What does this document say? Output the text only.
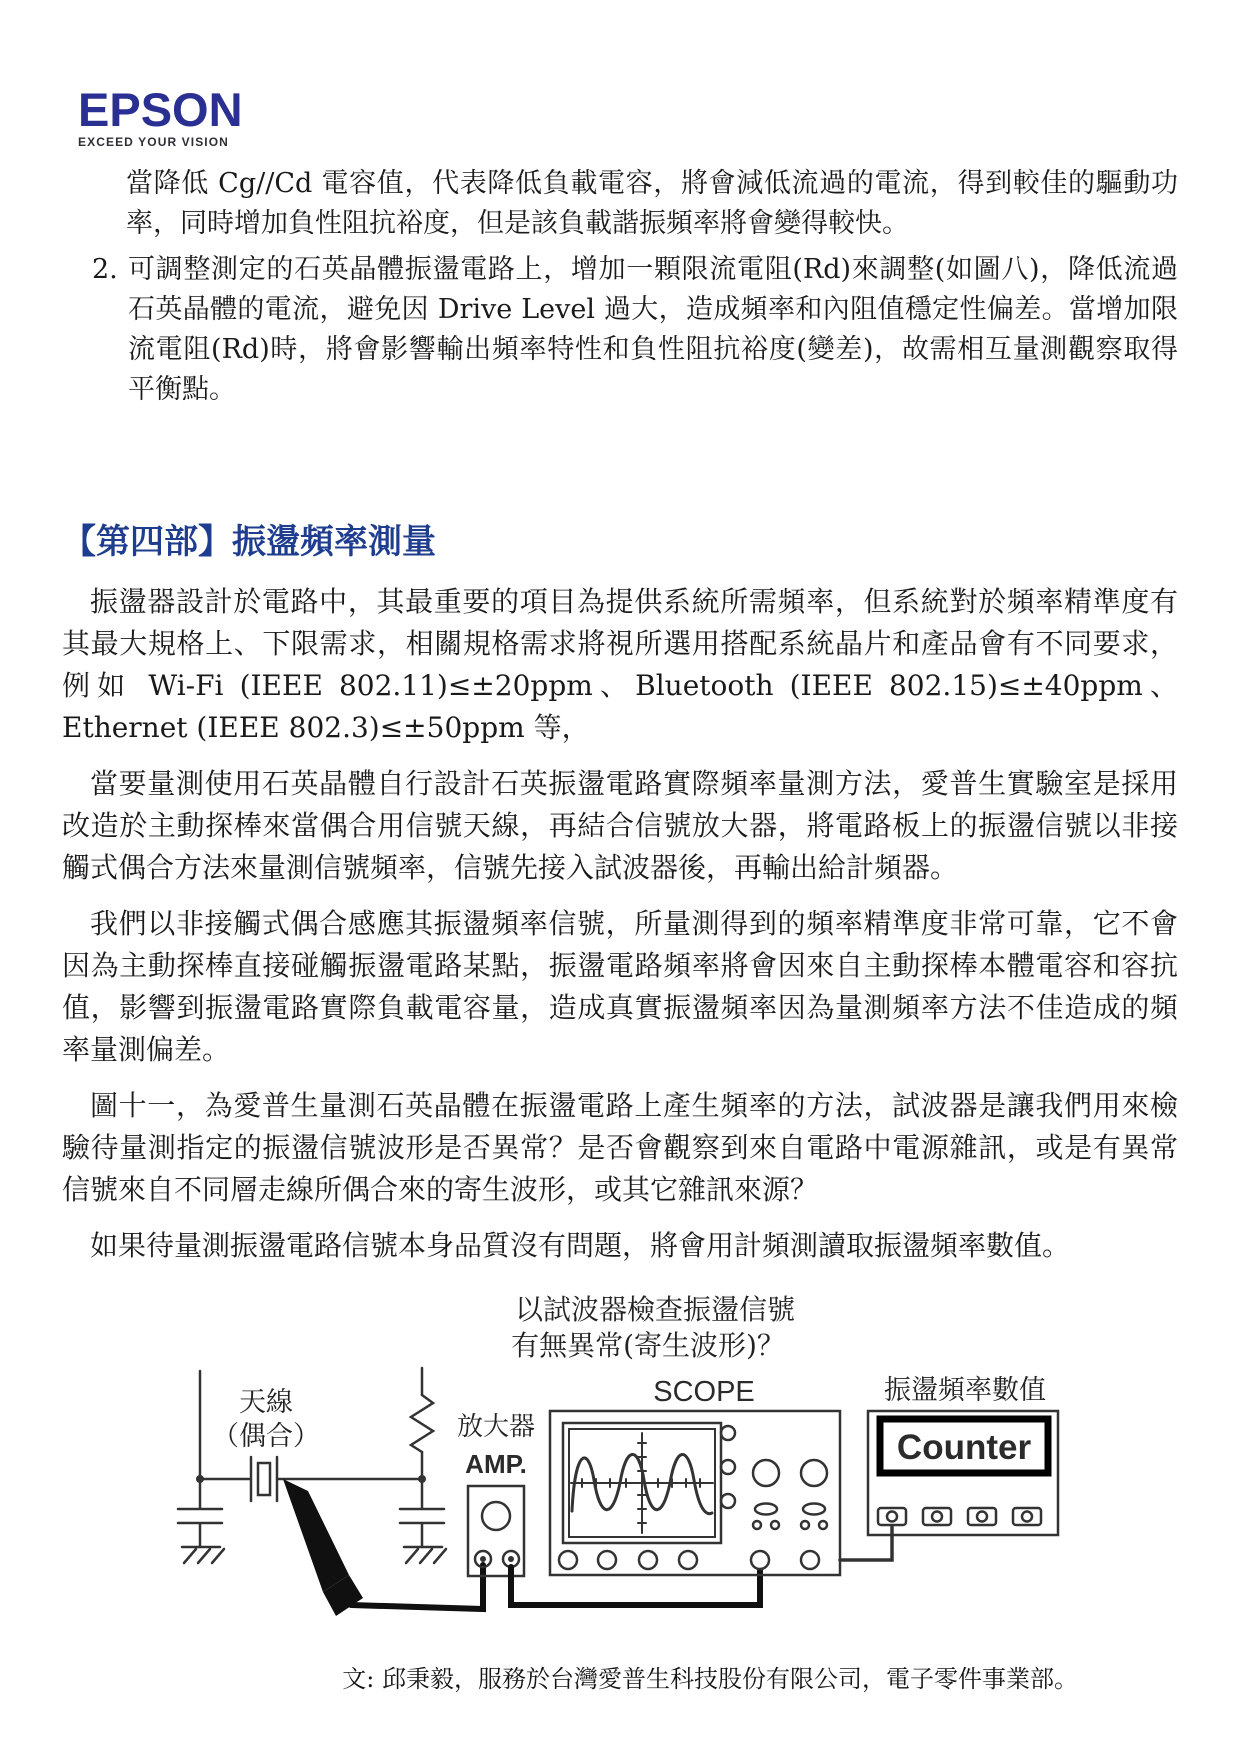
EPSON
EXCEED YOUR VISION

當降低 Cg//Cd 電容值，代表降低負載電容，將會減低流過的電流，得到較佳的驅動功率，同時增加負性阻抗裕度，但是該負載諧振頻率將會變得較快。

2. 可調整測定的石英晶體振盪電路上，增加一顆限流電阻(Rd)來調整(如圖八)，降低流過石英晶體的電流，避免因 Drive Level 過大，造成頻率和內阻值穩定性偏差。當增加限流電阻(Rd)時，將會影響輸出頻率特性和負性阻抗裕度(變差)，故需相互量測觀察取得平衡點。

【第四部】振盪頻率測量

振盪器設計於電路中，其最重要的項目為提供系統所需頻率，但系統對於頻率精準度有其最大規格上、下限需求，相關規格需求將視所選用搭配系統晶片和產品會有不同要求，例如 Wi-Fi (IEEE 802.11)≤±20ppm、Bluetooth (IEEE 802.15)≤±40ppm、Ethernet (IEEE 802.3)≤±50ppm 等，

當要量測使用石英晶體自行設計石英振盪電路實際頻率量測方法，愛普生實驗室是採用改造於主動探棒來當偶合用信號天線，再結合信號放大器，將電路板上的振盪信號以非接觸式偶合方法來量測信號頻率，信號先接入試波器後，再輸出給計頻器。

我們以非接觸式偶合感應其振盪頻率信號，所量測得到的頻率精準度非常可靠，它不會因為主動探棒直接碰觸振盪電路某點，振盪電路頻率將會因來自主動探棒本體電容和容抗值，影響到振盪電路實際負載電容量，造成真實振盪頻率因為量測頻率方法不佳造成的頻率量測偏差。

圖十一，為愛普生量測石英晶體在振盪電路上產生頻率的方法，試波器是讓我們用來檢驗待量測指定的振盪信號波形是否異常？是否會觀察到來自電路中電源雜訊，或是有異常信號來自不同層走線所偶合來的寄生波形，或其它雜訊來源？

如果待量測振盪電路信號本身品質沒有問題，將會用計頻測讀取振盪頻率數值。

以試波器檢查振盪信號
有無異常(寄生波形)？
天線
（偶合）	放大器
AMP.
SCOPE	振盪頻率數值
Counter

文: 邱秉毅，服務於台灣愛普生科技股份有限公司，電子零件事業部。
